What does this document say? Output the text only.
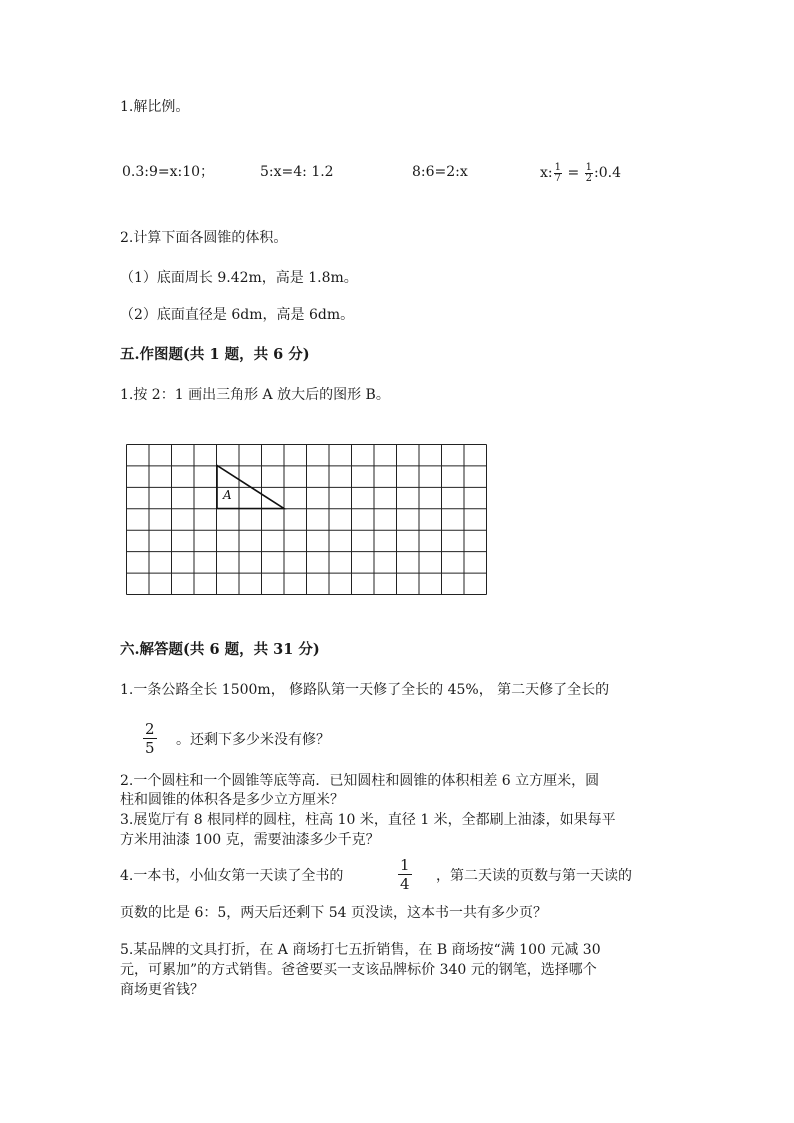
1.解比例。
0.3:9=x:10；	5:x=4: 1.2	8:6=2:x	x: $\frac{1}{7} = \frac{1}{2}$ :0.4
2.计算下面各圆锥的体积。
（1）底面周长 9.42m，高是 1.8m。
（2）底面直径是 6dm，高是 6dm。
五.作图题(共 1 题，共 6 分)
1.按 2：1 画出三角形 A 放大后的图形 B。
A
六.解答题(共 6 题，共 31 分)
1.一条公路全长 1500m， 修路队第一天修了全长的 45%， 第二天修了全长的
$\frac{2}{5}$ 。还剩下多少米没有修？
2.一个圆柱和一个圆锥等底等高．已知圆柱和圆锥的体积相差 6 立方厘米，圆
柱和圆锥的体积各是多少立方厘米？
3.展览厅有 8 根同样的圆柱，柱高 10 米，直径 1 米，全都刷上油漆，如果每平
方米用油漆 100 克，需要油漆多少千克？
4.一本书，小仙女第一天读了全书的	$\frac{1}{4}$ ，第二天读的页数与第一天读的
页数的比是 6：5，两天后还剩下 54 页没读，这本书一共有多少页？
5.某品牌的文具打折，在 A 商场打七五折销售，在 B 商场按“满 100 元减 30
元，可累加”的方式销售。爸爸要买一支该品牌标价 340 元的钢笔，选择哪个
商场更省钱？
